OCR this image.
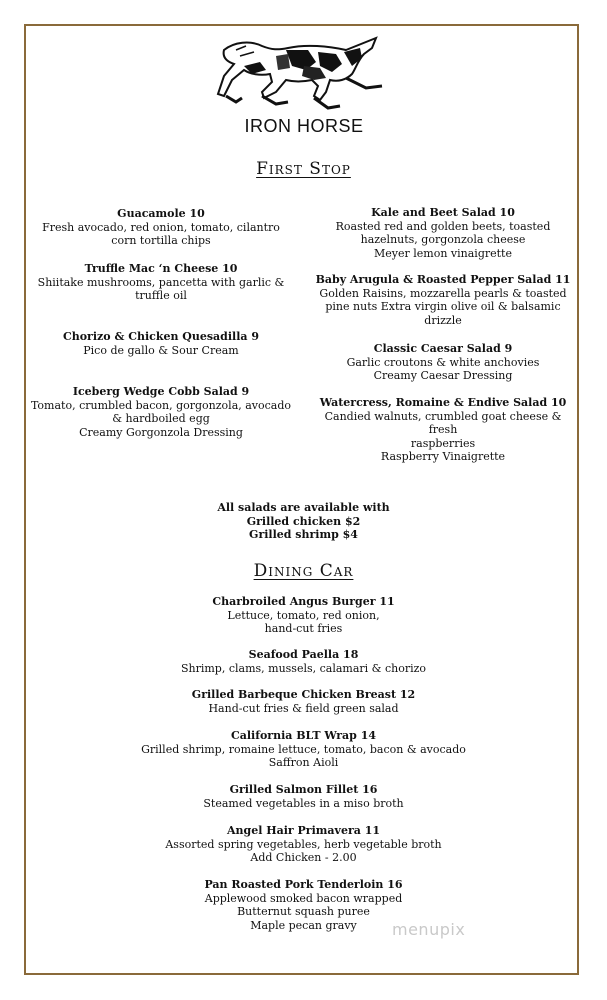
IRON HORSE
First Stop
Guacamole 10
Fresh avocado, red onion, tomato, cilantro
corn tortilla chips
Truffle Mac ‘n Cheese 10
Shiitake mushrooms, pancetta with garlic &
truffle oil
Chorizo & Chicken Quesadilla 9
Pico de gallo & Sour Cream
Iceberg Wedge Cobb Salad 9
Tomato, crumbled bacon, gorgonzola, avocado
& hardboiled egg
Creamy Gorgonzola Dressing
Kale and Beet Salad 10
Roasted red and golden beets, toasted
hazelnuts, gorgonzola cheese
Meyer lemon vinaigrette
Baby Arugula & Roasted Pepper Salad 11
Golden Raisins, mozzarella pearls & toasted
pine nuts Extra virgin olive oil & balsamic
drizzle
Classic Caesar Salad 9
Garlic croutons & white anchovies
Creamy Caesar Dressing
Watercress, Romaine & Endive Salad 10
Candied walnuts, crumbled goat cheese & fresh
raspberries
Raspberry Vinaigrette
All salads are available with
Grilled chicken $2
Grilled shrimp $4
Dining Car
Charbroiled Angus Burger 11
Lettuce, tomato, red onion,
hand-cut fries
Seafood Paella 18
Shrimp, clams, mussels, calamari & chorizo
Grilled Barbeque Chicken Breast 12
Hand-cut fries & field green salad
California BLT Wrap 14
Grilled shrimp, romaine lettuce, tomato, bacon & avocado
Saffron Aioli
Grilled Salmon Fillet 16
Steamed vegetables in a miso broth
Angel Hair Primavera 11
Assorted spring vegetables, herb vegetable broth
Add Chicken - 2.00
Pan Roasted Pork Tenderloin 16
Applewood smoked bacon wrapped
Butternut squash puree
Maple pecan gravy	menupix
